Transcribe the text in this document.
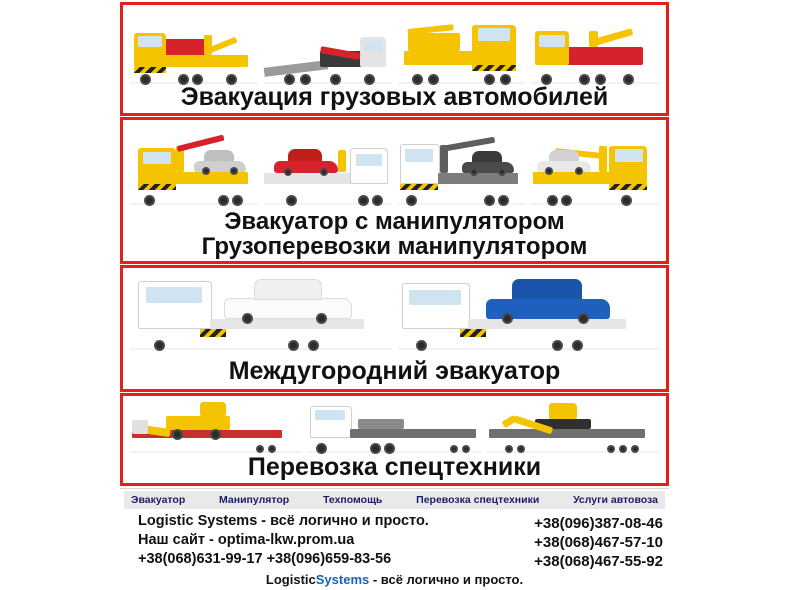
Эвакуация грузовых автомобилей
Эвакуатор с манипулятором
Грузоперевозки манипулятором
Междугородний эвакуатор
Перевозка спецтехники
Эвакуатор	Манипулятор	Техпомощь	Перевозка спецтехники	Услуги автовоза
Logistic Systems - всё логично и просто.
Наш сайт - optima-lkw.prom.ua
+38(068)631-99-17 +38(096)659-83-56
+38(096)387-08-46
+38(068)467-57-10
+38(068)467-55-92
LogisticSystems - всё логично и просто.
